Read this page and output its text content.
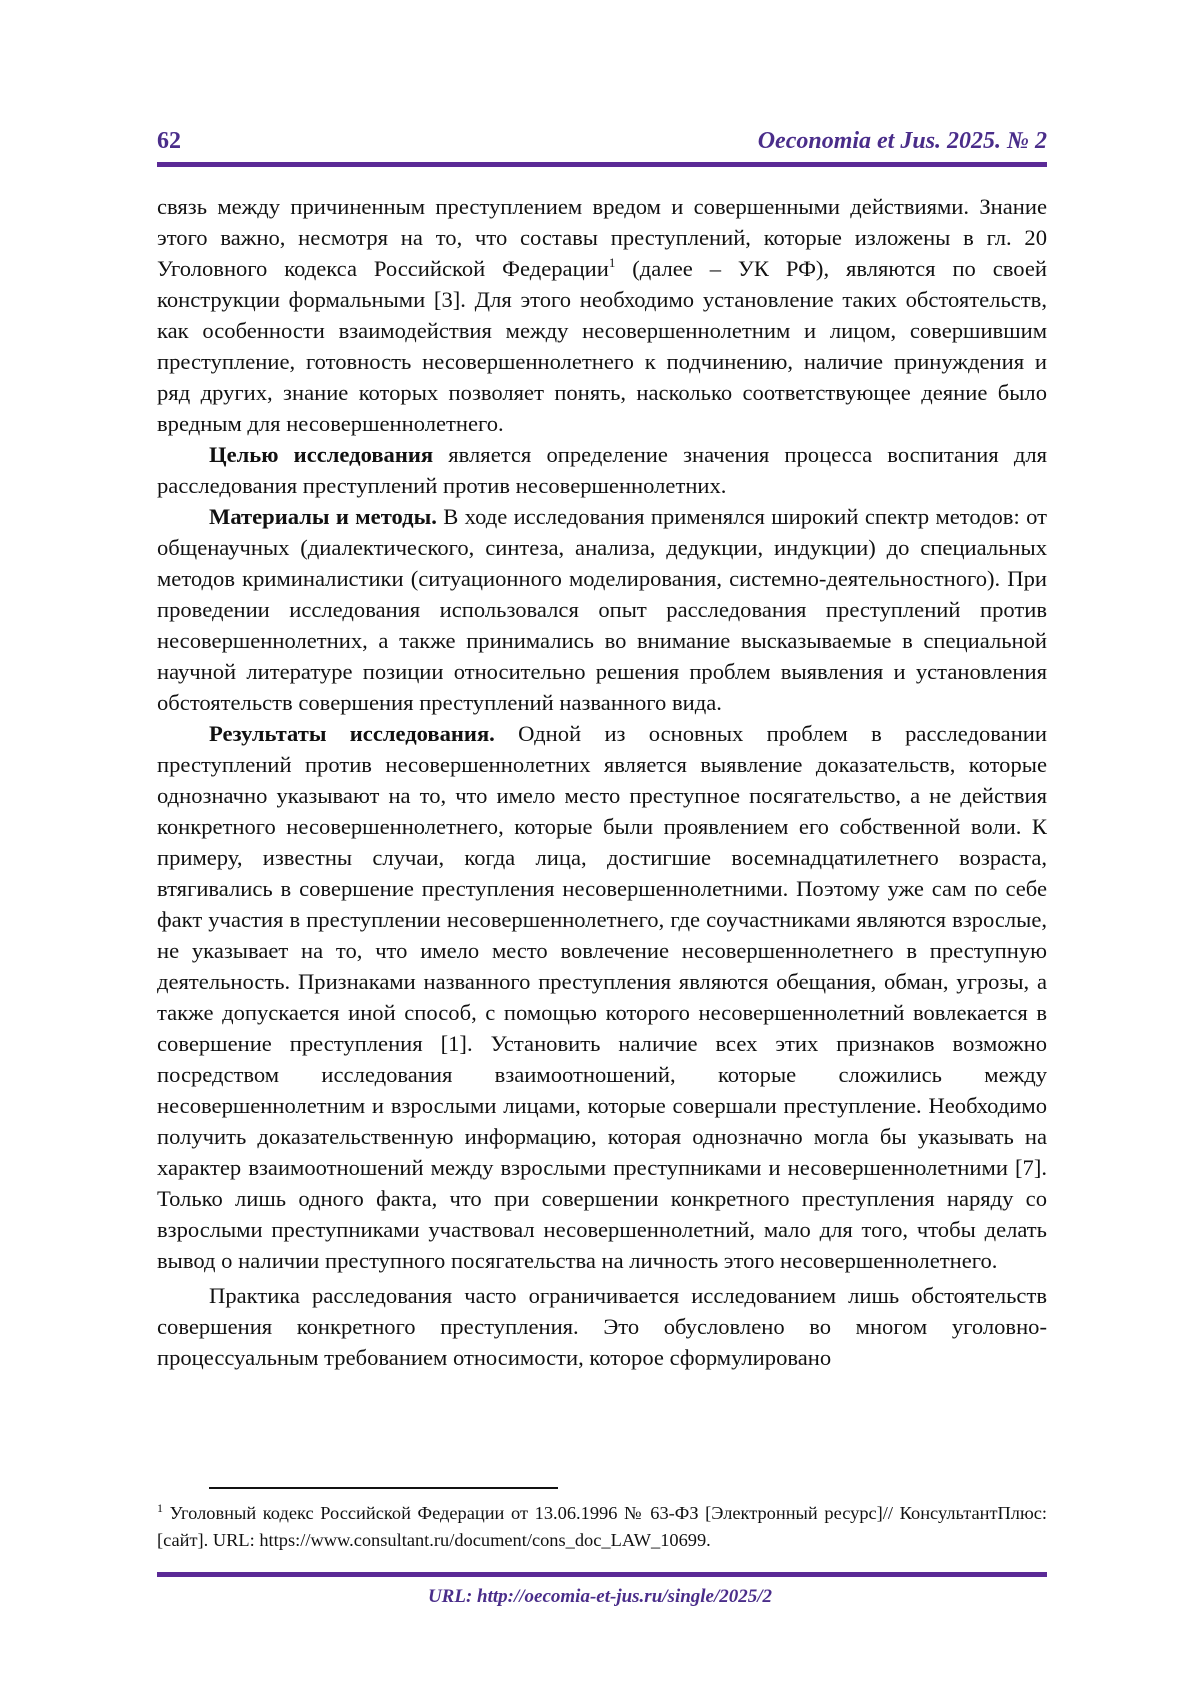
62	Oeconomia et Jus. 2025. № 2

связь между причиненным преступлением вредом и совершенными действиями. Знание этого важно, несмотря на то, что составы преступлений, которые изложены в гл. 20 Уголовного кодекса Российской Федерации$^1$ (далее – УК РФ), являются по своей конструкции формальными [3]. Для этого необходимо установление таких обстоятельств, как особенности взаимодействия между несовершеннолетним и лицом, совершившим преступление, готовность несовершеннолетнего к подчинению, наличие принуждения и ряд других, знание которых позволяет понять, насколько соответствующее деяние было вредным для несовершеннолетнего.

Целью исследования является определение значения процесса воспитания для расследования преступлений против несовершеннолетних.

Материалы и методы. В ходе исследования применялся широкий спектр методов: от общенаучных (диалектического, синтеза, анализа, дедукции, индукции) до специальных методов криминалистики (ситуационного моделирования, системно-деятельностного). При проведении исследования использовался опыт расследования преступлений против несовершеннолетних, а также принимались во внимание высказываемые в специальной научной литературе позиции относительно решения проблем выявления и установления обстоятельств совершения преступлений названного вида.

Результаты исследования. Одной из основных проблем в расследовании преступлений против несовершеннолетних является выявление доказательств, которые однозначно указывают на то, что имело место преступное посягательство, а не действия конкретного несовершеннолетнего, которые были проявлением его собственной воли. К примеру, известны случаи, когда лица, достигшие восемнадцатилетнего возраста, втягивались в совершение преступления несовершеннолетними. Поэтому уже сам по себе факт участия в преступлении несовершеннолетнего, где соучастниками являются взрослые, не указывает на то, что имело место вовлечение несовершеннолетнего в преступную деятельность. Признаками названного преступления являются обещания, обман, угрозы, а также допускается иной способ, с помощью которого несовершеннолетний вовлекается в совершение преступления [1]. Установить наличие всех этих признаков возможно посредством исследования взаимоотношений, которые сложились между несовершеннолетним и взрослыми лицами, которые совершали преступление. Необходимо получить доказательственную информацию, которая однозначно могла бы указывать на характер взаимоотношений между взрослыми преступниками и несовершеннолетними [7]. Только лишь одного факта, что при совершении конкретного преступления наряду со взрослыми преступниками участвовал несовершеннолетний, мало для того, чтобы делать вывод о наличии преступного посягательства на личность этого несовершеннолетнего.

Практика расследования часто ограничивается исследованием лишь обстоятельств совершения конкретного преступления. Это обусловлено во многом уголовно-процессуальным требованием относимости, которое сформулировано

$^1$ Уголовный кодекс Российской Федерации от 13.06.1996 № 63-ФЗ [Электронный ресурс]// КонсультантПлюс: [сайт]. URL: https://www.consultant.ru/document/cons_doc_LAW_10699.
URL: http://oecomia-et-jus.ru/single/2025/2
